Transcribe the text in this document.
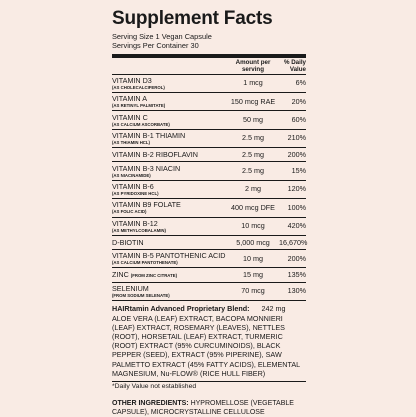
Supplement Facts
Serving Size 1 Vegan Capsule
Servings Per Container 30
Amount per serving
% Daily Value
VITAMIN D3
(AS CHOLECALCIFEROL)	1 mcg	6%
VITAMIN A
(AS RETINYL PALMITATE)	150 mcg RAE	20%
VITAMIN C
(AS CALCIUM ASCORBATE)	50 mg	60%
VITAMIN B-1 THIAMIN
(AS THIAMIN HCL)	2.5 mg	210%
VITAMIN B-2 RIBOFLAVIN	2.5 mg	200%
VITAMIN B-3 NIACIN
(AS NIACINAMIDE)	2.5 mg	15%
VITAMIN B-6
(AS PYRIDOXINE HCL)	2 mg	120%
VITAMIN B9 FOLATE
(AS FOLIC ACID)	400 mcg DFE	100%
VITAMIN B-12
(AS METHYLCOBALAMIN)	10 mcg	420%
D-BIOTIN	5,000 mcg	16,670%
VITAMIN B-5 PANTOTHENIC ACID
(AS CALCIUM PANTOTHENATE)	10 mg	200%
ZINC (FROM ZINC CITRATE)	15 mg	135%
SELENIUM
(FROM SODIUM SELENATE)	70 mcg	130%
HAIRtamin Advanced Proprietary Blend: 242 mg
ALOE VERA (LEAF) EXTRACT, BACOPA MONNIERI (LEAF) EXTRACT, ROSEMARY (LEAVES), NETTLES (ROOT), HORSETAIL (LEAF) EXTRACT, TURMERIC (ROOT) EXTRACT (95% CURCUMINOIDS), BLACK PEPPER (SEED), EXTRACT (95% PIPERINE), SAW PALMETTO EXTRACT (45% FATTY ACIDS), ELEMENTAL MAGNESIUM, Nu-FLOW® (RICE HULL FIBER)
*Daily Value not established
OTHER INGREDIENTS: HYPROMELLOSE (VEGETABLE CAPSULE), MICROCRYSTALLINE CELLULOSE
